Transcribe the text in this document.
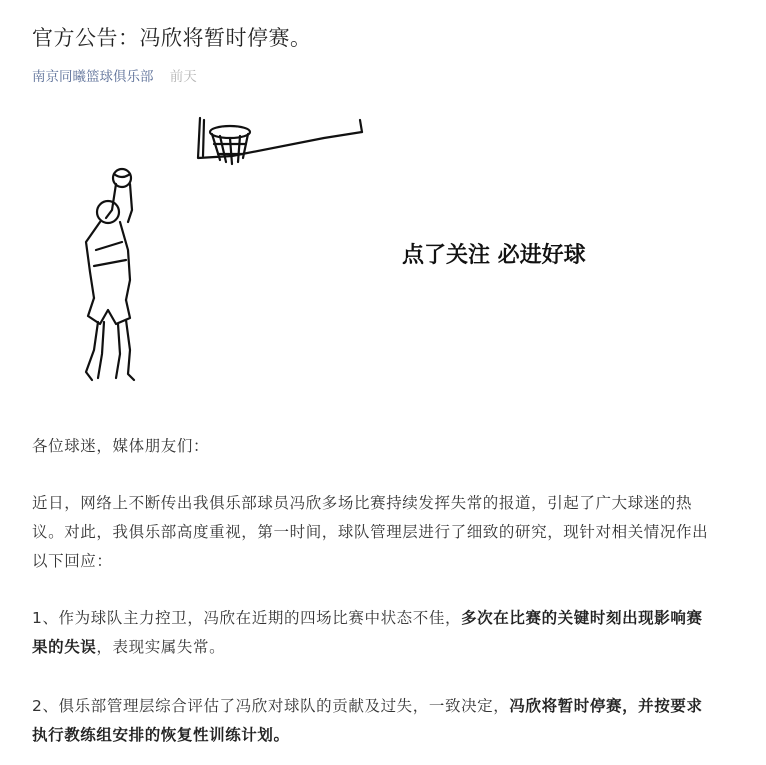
官方公告：冯欣将暂时停赛。
南京同曦篮球俱乐部 前天
点了关注 必进好球
各位球迷，媒体朋友们：
近日，网络上不断传出我俱乐部球员冯欣多场比赛持续发挥失常的报道，引起了广大球迷的热议。对此，我俱乐部高度重视，第一时间，球队管理层进行了细致的研究，现针对相关情况作出以下回应：
1、作为球队主力控卫，冯欣在近期的四场比赛中状态不佳，多次在比赛的关键时刻出现影响赛果的失误，表现实属失常。
2、俱乐部管理层综合评估了冯欣对球队的贡献及过失，一致决定，冯欣将暂时停赛，并按要求执行教练组安排的恢复性训练计划。
